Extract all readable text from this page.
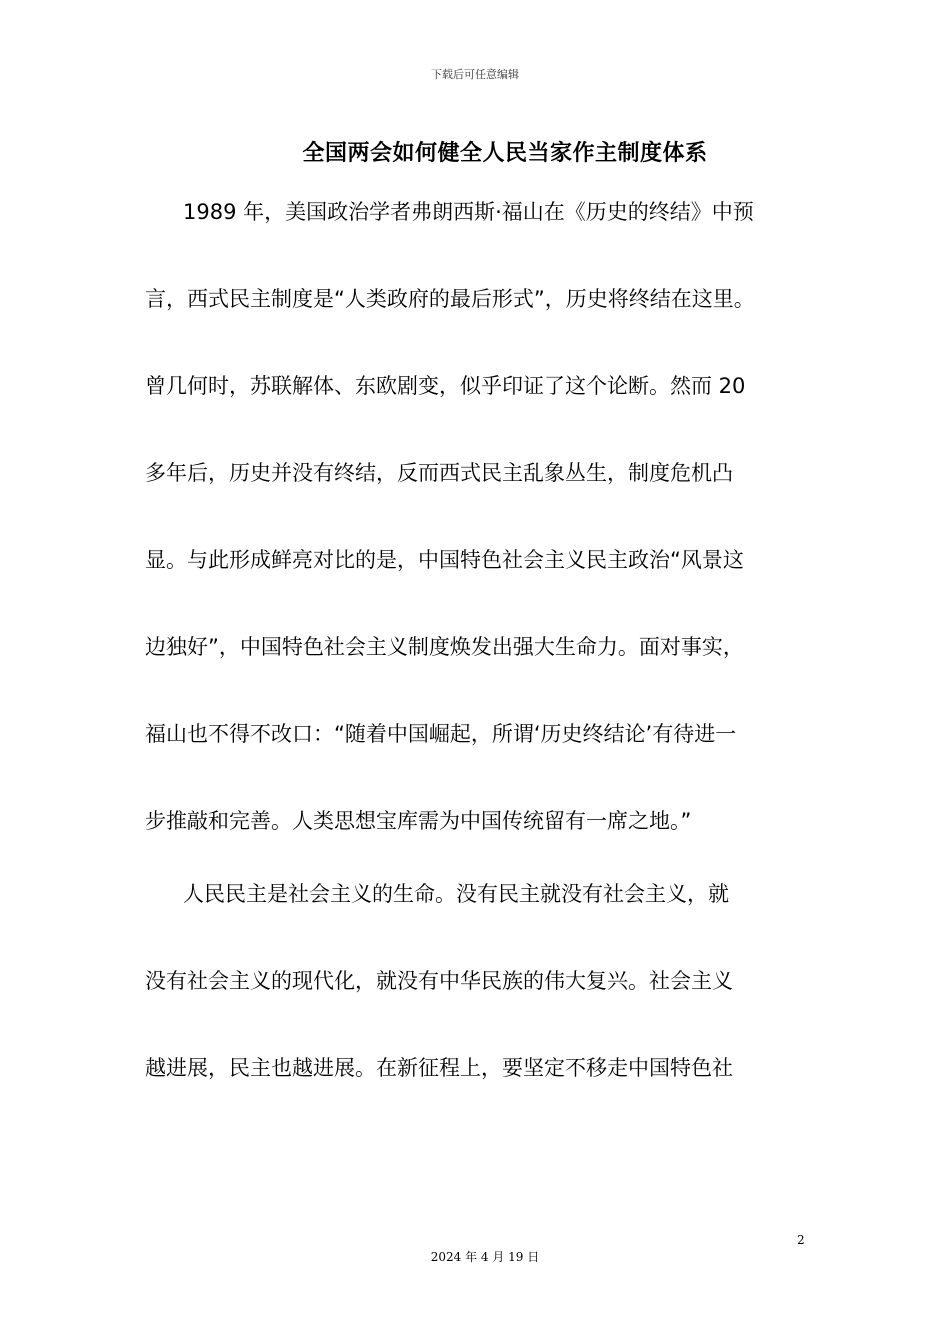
下载后可任意编辑
全国两会如何健全人民当家作主制度体系
1989 年，美国政治学者弗朗西斯·福山在《历史的终结》中预
言，西式民主制度是“人类政府的最后形式”，历史将终结在这里。
曾几何时，苏联解体、东欧剧变，似乎印证了这个论断。然而 20
多年后，历史并没有终结，反而西式民主乱象丛生，制度危机凸
显。与此形成鲜亮对比的是，中国特色社会主义民主政治“风景这
边独好”，中国特色社会主义制度焕发出强大生命力。面对事实，
福山也不得不改口：“随着中国崛起，所谓‘历史终结论’有待进一
步推敲和完善。人类思想宝库需为中国传统留有一席之地。”
人民民主是社会主义的生命。没有民主就没有社会主义，就
没有社会主义的现代化，就没有中华民族的伟大复兴。社会主义
越进展，民主也越进展。在新征程上，要坚定不移走中国特色社
2
2024 年 4 月 19 日
